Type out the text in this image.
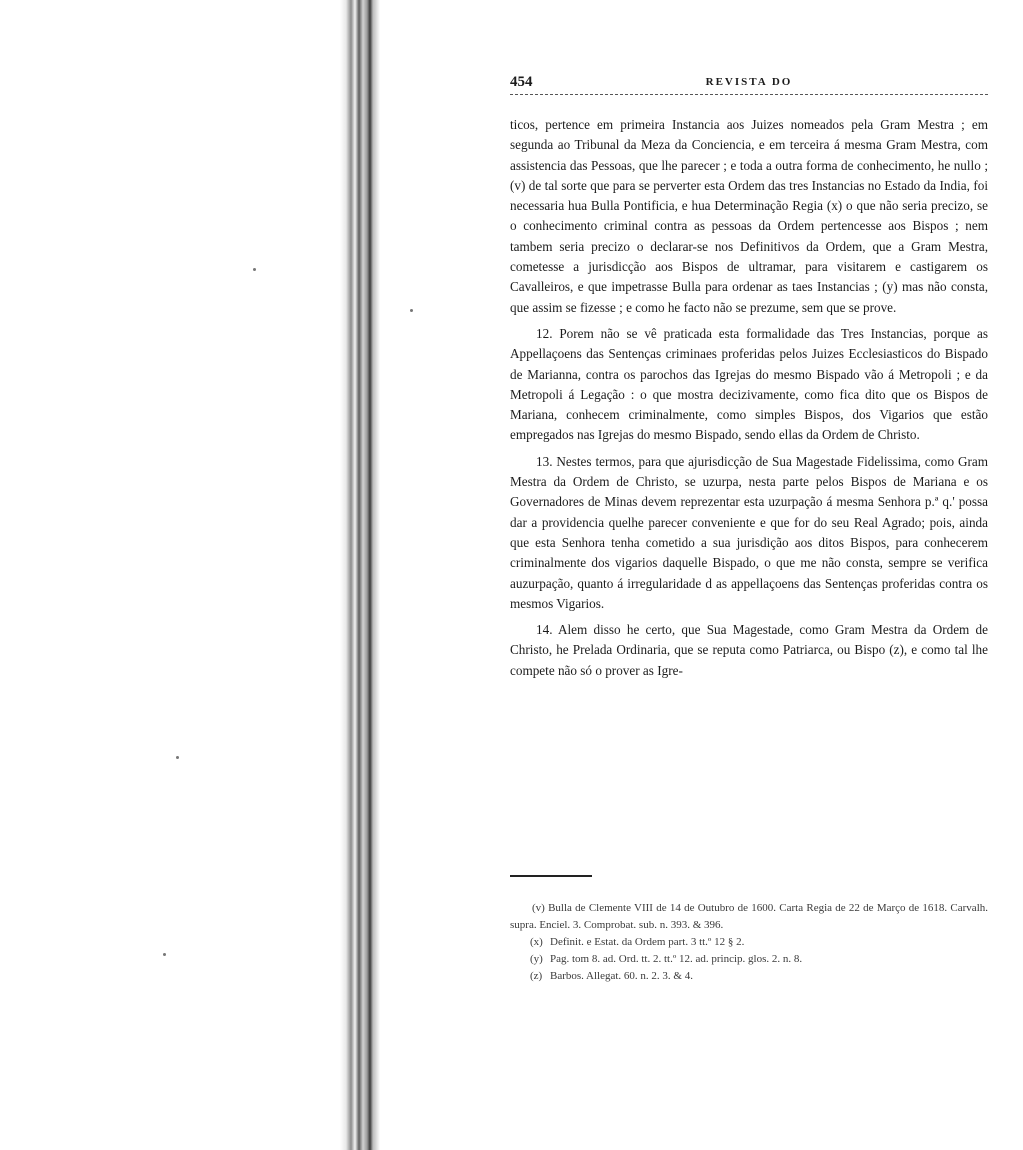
454	REVISTA DO

ticos, pertence em primeira Instancia aos Juizes nomeados pela Gram Mestra ; em segunda ao Tribunal da Meza da Conciencia, e em terceira á mesma Gram Mestra, com assistencia das Pessoas, que lhe parecer ; e toda a outra forma de conhecimento, he nullo ; (v) de tal sorte que para se perverter esta Ordem das tres Instancias no Estado da India, foi necessaria hua Bulla Pontificia, e hua Determinação Regia (x) o que não seria precizo, se o conhecimento criminal contra as pessoas da Ordem pertencesse aos Bispos ; nem tambem seria precizo o declarar-se nos Definitivos da Ordem, que a Gram Mestra, cometesse a jurisdicção aos Bispos de ultramar, para visitarem e castigarem os Cavalleiros, e que impetrasse Bulla para ordenar as taes Instancias ; (y) mas não consta, que assim se fizesse ; e como he facto não se prezume, sem que se prove.

12. Porem não se vê praticada esta formalidade das Tres Instancias, porque as Appellaçoens das Sentenças criminaes proferidas pelos Juizes Ecclesiasticos do Bispado de Marianna, contra os parochos das Igrejas do mesmo Bispado vão á Metropoli ; e da Metropoli á Legação : o que mostra decizivamente, como fica dito que os Bispos de Mariana, conhecem criminalmente, como simples Bispos, dos Vigarios que estão empregados nas Igrejas do mesmo Bispado, sendo ellas da Ordem de Christo.

13. Nestes termos, para que ajurisdicção de Sua Magestade Fidelissima, como Gram Mestra da Ordem de Christo, se uzurpa, nesta parte pelos Bispos de Mariana e os Governadores de Minas devem reprezentar esta uzurpação á mesma Senhora p.ª q.' possa dar a providencia quelhe parecer conveniente e que for do seu Real Agrado; pois, ainda que esta Senhora tenha cometido a sua jurisdição aos ditos Bispos, para conhecerem criminalmente dos vigarios daquelle Bispado, o que me não consta, sempre se verifica auzurpação, quanto á irregularidade d as appellaçoens das Sentenças proferidas contra os mesmos Vigarios.

14. Alem disso he certo, que Sua Magestade, como Gram Mestra da Ordem de Christo, he Prelada Ordinaria, que se reputa como Patriarca, ou Bispo (z), e como tal lhe compete não só o prover as Igre-

(v) Bulla de Clemente VIII de 14 de Outubro de 1600. Carta Regia de 22 de Março de 1618. Carvalh. supra. Enciel. 3. Comprobat. sub. n. 393. & 396.

(x) Definit. e Estat. da Ordem part. 3 tt.º 12 § 2.

(y) Pag. tom 8. ad. Ord. tt. 2. tt.º 12. ad. princip. glos. 2. n. 8.

(z) Barbos. Allegat. 60. n. 2. 3. & 4.
